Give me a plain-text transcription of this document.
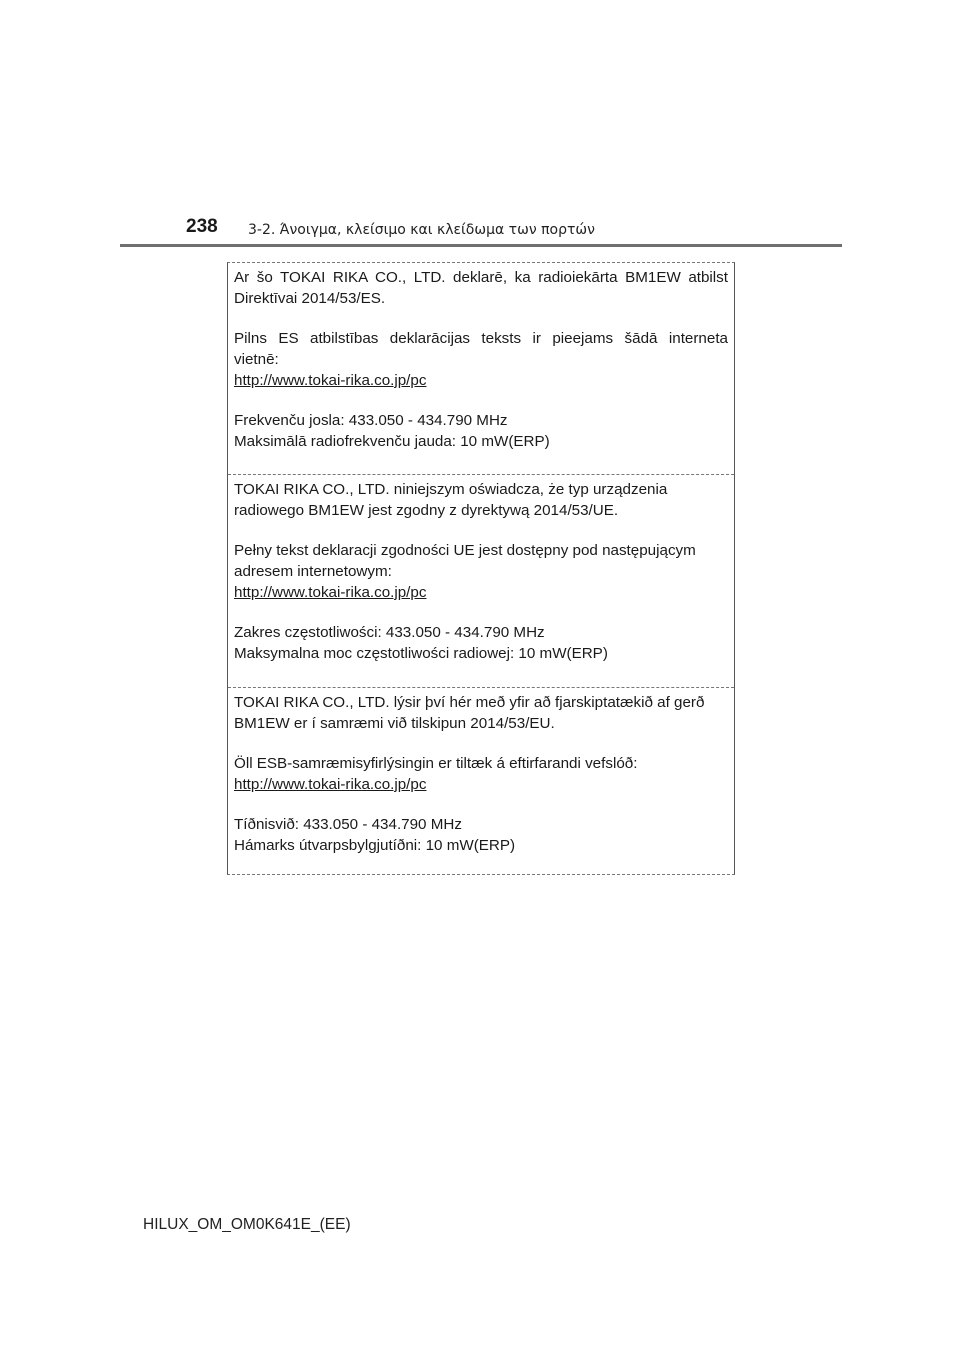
238 3-2. Άνοιγμα, κλείσιμο και κλείδωμα των πορτών
Ar šo TOKAI RIKA CO., LTD. deklarē, ka radioiekārta BM1EW atbilst
Direktīvai 2014/53/ES.
Pilns ES atbilstības deklarācijas teksts ir pieejams šādā interneta
vietnē:
http://www.tokai-rika.co.jp/pc
Frekvenču josla: 433.050 - 434.790 MHz
Maksimālā radiofrekvenču jauda: 10 mW(ERP)
TOKAI RIKA CO., LTD. niniejszym oświadcza, że typ urządzenia
radiowego BM1EW jest zgodny z dyrektywą 2014/53/UE.
Pełny tekst deklaracji zgodności UE jest dostępny pod następującym
adresem internetowym:
http://www.tokai-rika.co.jp/pc
Zakres częstotliwości: 433.050 - 434.790 MHz
Maksymalna moc częstotliwości radiowej: 10 mW(ERP)
TOKAI RIKA CO., LTD. lýsir því hér með yfir að fjarskiptatækið af gerð
BM1EW er í samræmi við tilskipun 2014/53/EU.
Öll ESB-samræmisyfirlýsingin er tiltæk á eftirfarandi vefslóð:
http://www.tokai-rika.co.jp/pc
Tíðnisvið: 433.050 - 434.790 MHz
Hámarks útvarpsbylgjutíðni: 10 mW(ERP)
HILUX_OM_OM0K641E_(EE)
